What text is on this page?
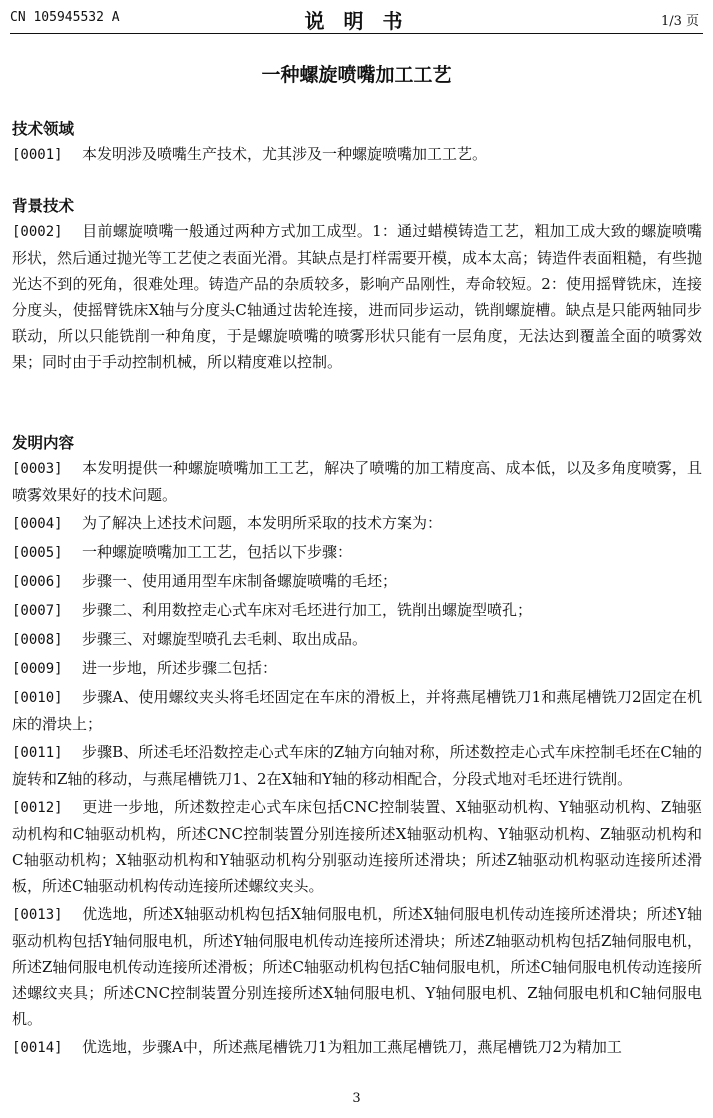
CN 105945532 A	说 明 书	1/3 页
一种螺旋喷嘴加工工艺
技术领域

[0001] 本发明涉及喷嘴生产技术，尤其涉及一种螺旋喷嘴加工工艺。

背景技术

[0002] 目前螺旋喷嘴一般通过两种方式加工成型。1：通过蜡模铸造工艺，粗加工成大致的螺旋喷嘴形状，然后通过抛光等工艺使之表面光滑。其缺点是打样需要开模，成本太高；铸造件表面粗糙，有些抛光达不到的死角，很难处理。铸造产品的杂质较多，影响产品刚性，寿命较短。2：使用摇臂铣床，连接分度头，使摇臂铣床X轴与分度头C轴通过齿轮连接，进而同步运动，铣削螺旋槽。缺点是只能两轴同步联动，所以只能铣削一种角度，于是螺旋喷嘴的喷雾形状只能有一层角度，无法达到覆盖全面的喷雾效果；同时由于手动控制机械，所以精度难以控制。

发明内容

[0003] 本发明提供一种螺旋喷嘴加工工艺，解决了喷嘴的加工精度高、成本低，以及多角度喷雾，且喷雾效果好的技术问题。

[0004] 为了解决上述技术问题，本发明所采取的技术方案为：

[0005] 一种螺旋喷嘴加工工艺，包括以下步骤：

[0006] 步骤一、使用通用型车床制备螺旋喷嘴的毛坯；

[0007] 步骤二、利用数控走心式车床对毛坯进行加工，铣削出螺旋型喷孔；

[0008] 步骤三、对螺旋型喷孔去毛刺、取出成品。

[0009] 进一步地，所述步骤二包括：

[0010] 步骤A、使用螺纹夹头将毛坯固定在车床的滑板上，并将燕尾槽铣刀1和燕尾槽铣刀2固定在机床的滑块上；

[0011] 步骤B、所述毛坯沿数控走心式车床的Z轴方向轴对称，所述数控走心式车床控制毛坯在C轴的旋转和Z轴的移动，与燕尾槽铣刀1、2在X轴和Y轴的移动相配合，分段式地对毛坯进行铣削。

[0012] 更进一步地，所述数控走心式车床包括CNC控制装置、X轴驱动机构、Y轴驱动机构、Z轴驱动机构和C轴驱动机构，所述CNC控制装置分别连接所述X轴驱动机构、Y轴驱动机构、Z轴驱动机构和C轴驱动机构；X轴驱动机构和Y轴驱动机构分别驱动连接所述滑块；所述Z轴驱动机构驱动连接所述滑板，所述C轴驱动机构传动连接所述螺纹夹头。

[0013] 优选地，所述X轴驱动机构包括X轴伺服电机，所述X轴伺服电机传动连接所述滑块；所述Y轴驱动机构包括Y轴伺服电机，所述Y轴伺服电机传动连接所述滑块；所述Z轴驱动机构包括Z轴伺服电机，所述Z轴伺服电机传动连接所述滑板；所述C轴驱动机构包括C轴伺服电机，所述C轴伺服电机传动连接所述螺纹夹具；所述CNC控制装置分别连接所述X轴伺服电机、Y轴伺服电机、Z轴伺服电机和C轴伺服电机。

[0014] 优选地，步骤A中，所述燕尾槽铣刀1为粗加工燕尾槽铣刀，燕尾槽铣刀2为精加工

3
